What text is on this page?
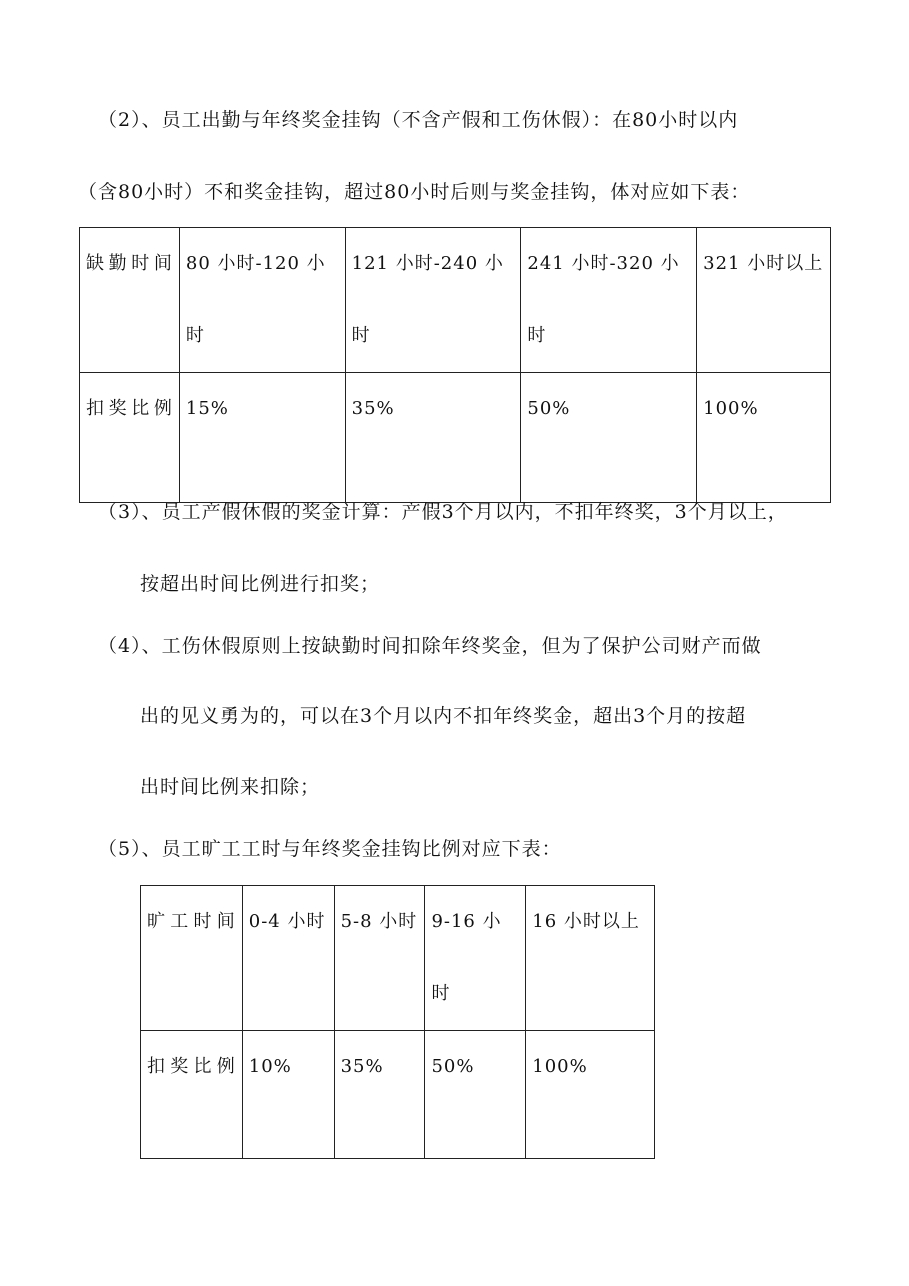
（2）、员工出勤与年终奖金挂钩（不含产假和工伤休假）：在80小时以内
（含80小时）不和奖金挂钩，超过80小时后则与奖金挂钩，体对应如下表：
缺勤时间	80 小时-120 小时	121 小时-240 小时	241 小时-320 小时	321 小时以上

扣奖比例	15%	35%	50%	100%
（3）、员工产假休假的奖金计算：产假3个月以内，不扣年终奖，3个月以上，
按超出时间比例进行扣奖；
（4）、工伤休假原则上按缺勤时间扣除年终奖金，但为了保护公司财产而做
出的见义勇为的，可以在3个月以内不扣年终奖金，超出3个月的按超
出时间比例来扣除；
（5）、员工旷工工时与年终奖金挂钩比例对应下表：
旷工时间	0-4 小时	5-8 小时	9-16 小时	16 小时以上

扣奖比例	10%	35%	50%	100%
